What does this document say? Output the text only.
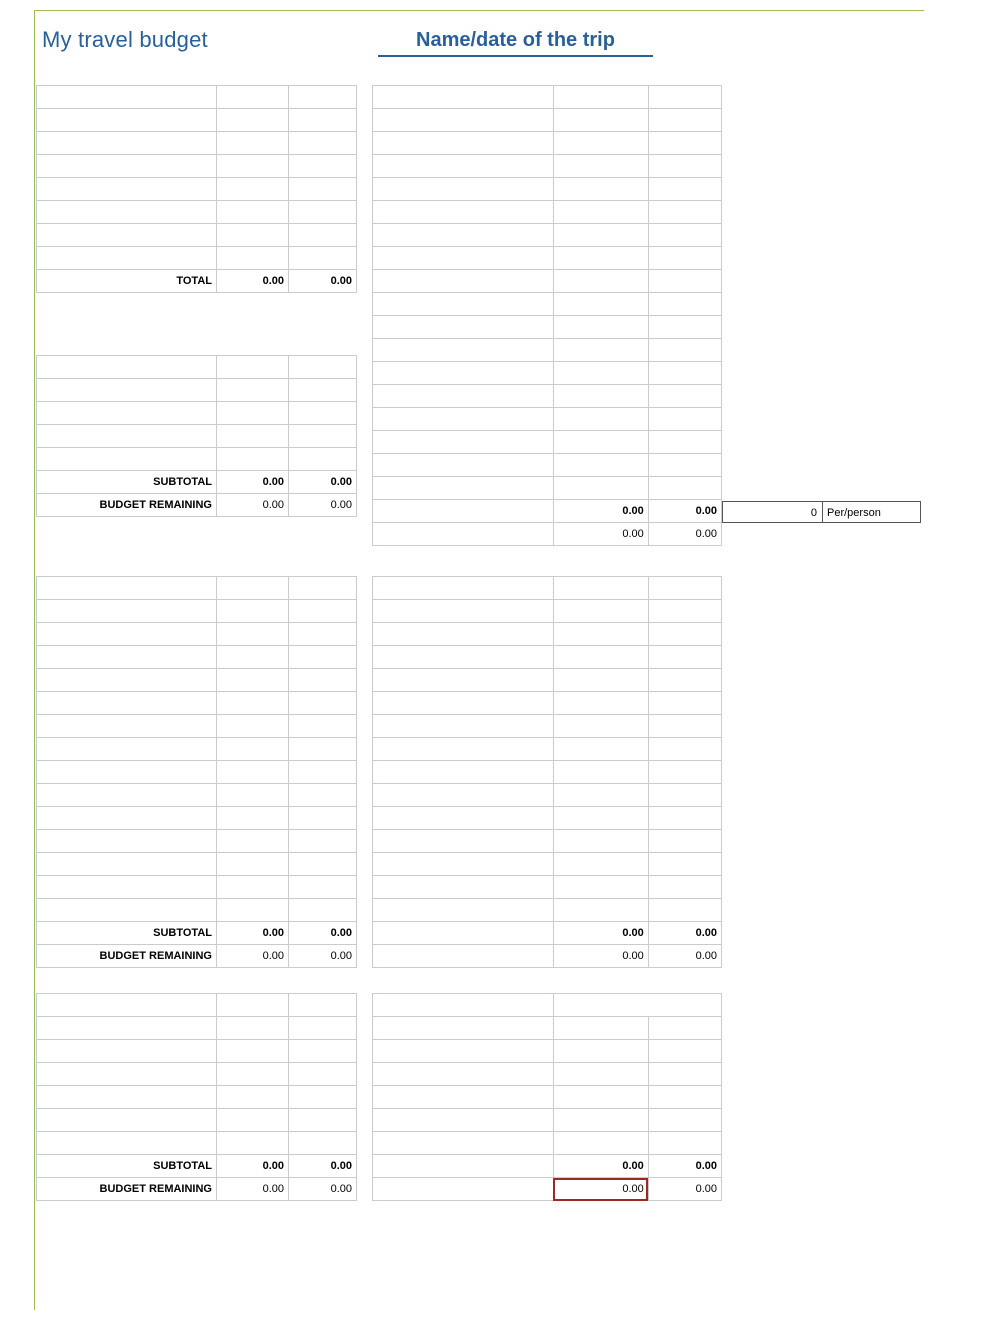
My travel budget	Name/date of the trip
My travel budget	BUDGET	ACTUAL

TOTAL	0.00	0.00
FLIGHTS	BUDGET	ACTUAL

SUBTOTAL	0.00	0.00
BUDGET REMAINING	0.00	0.00
ACCOMODATIONS	BUDGET	ACTUAL

SUBTOTAL	0.00	0.00
BUDGET REMAINING	0.00	0.00
TRANSPORTATION	BUDGET	ACTUAL

SUBTOTAL	0.00	0.00
BUDGET REMAINING	0.00	0.00
ATTRACTIONS		

	0.00	0.00
	0.00	0.00
0 Per/person
FOOD	BUDGET	ACTUAL

	0.00	0.00
	0.00	0.00
EXTRA EXPENSES		

	0.00	0.00
	0.00	0.00
